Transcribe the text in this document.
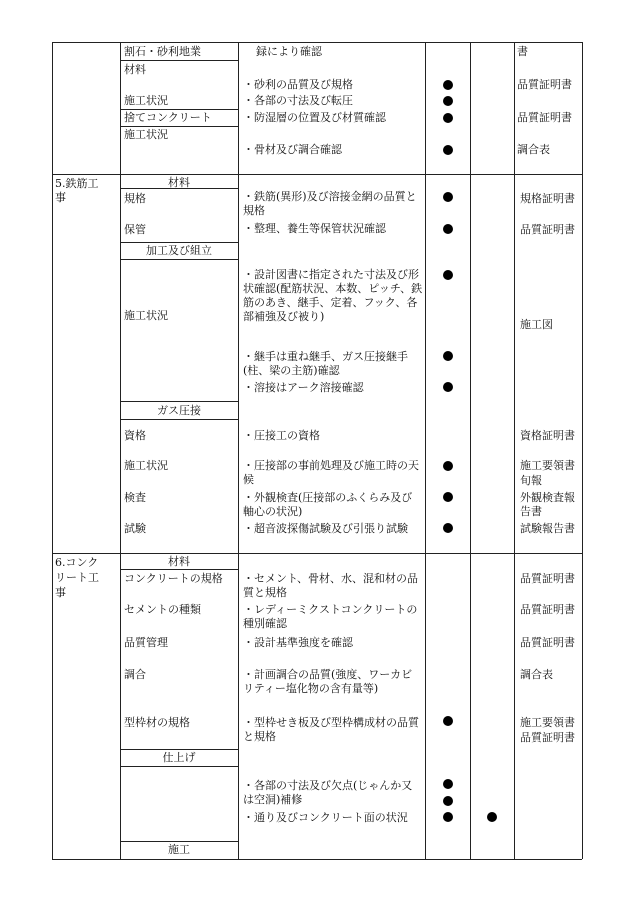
割石・砂利地業
材料
施工状況
捨てコンクリート
施工状況
録により確認
・砂利の品質及び規格
・各部の寸法及び転圧
・防湿層の位置及び材質確認
・骨材及び調合確認
書
品質証明書
品質証明書
調合表
5.鉄筋工
事
材料
規格
保管
加工及び組立
施工状況
ガス圧接
資格
施工状況
検査
試験
・鉄筋(異形)及び溶接金網の品質と規格
・整理、養生等保管状況確認
・設計図書に指定された寸法及び形状確認(配筋状況、本数、ピッチ、鉄筋のあき、継手、定着、フック、各部補強及び被り)
・継手は重ね継手、ガス圧接継手(柱、梁の主筋)確認
・溶接はアーク溶接確認
・圧接工の資格
・圧接部の事前処理及び施工時の天候
・外観検査(圧接部のふくらみ及び軸心の状況)
・超音波探傷試験及び引張り試験
規格証明書
品質証明書
施工図
資格証明書
施工要領書
旬報
外観検査報告書
試験報告書
6.コンク
リート工
事
材料
コンクリートの規格
セメントの種類
品質管理
調合
型枠材の規格
仕上げ
施工
・セメント、骨材、水、混和材の品質と規格
・レディーミクストコンクリートの種別確認
・設計基準強度を確認
・計画調合の品質(強度、ワーカビリティー塩化物の含有量等)
・型枠せき板及び型枠構成材の品質と規格
・各部の寸法及び欠点(じゃんか又は空洞)補修
・通り及びコンクリート面の状況
品質証明書
品質証明書
品質証明書
調合表
施工要領書
品質証明書
